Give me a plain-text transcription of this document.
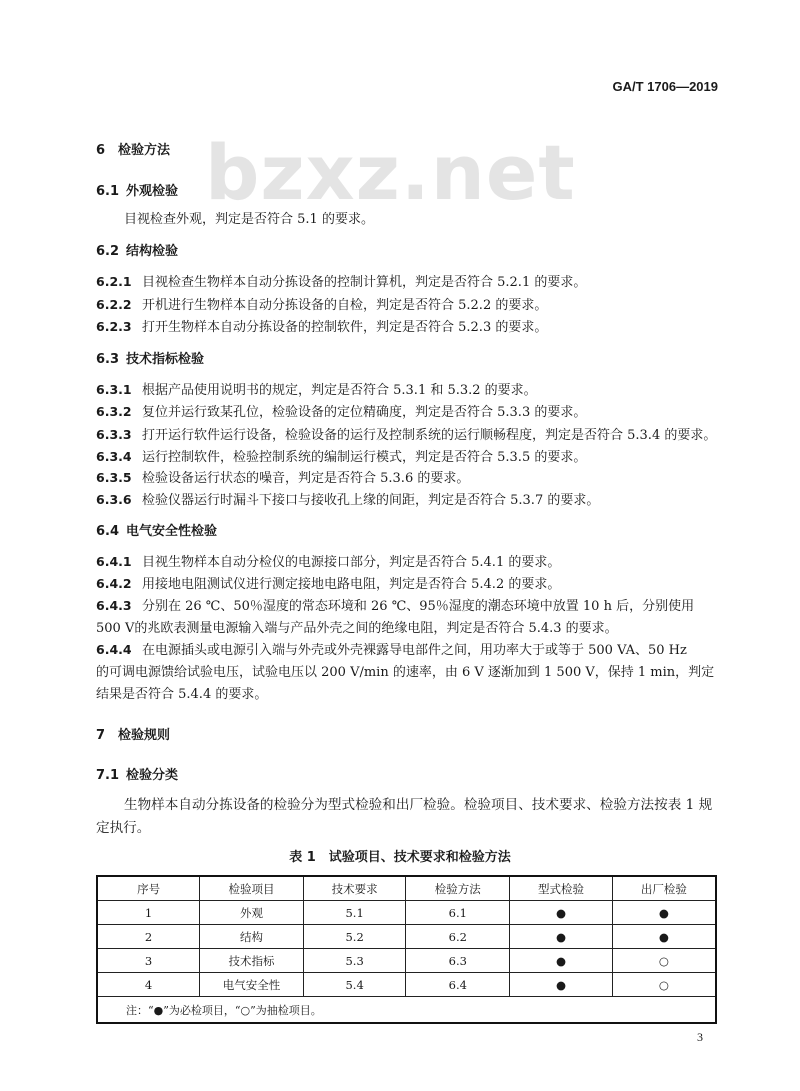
GA/T 1706—2019
bzxz.net
6 检验方法
6.1 外观检验
目视检查外观，判定是否符合 5.1 的要求。
6.2 结构检验
6.2.1 目视检查生物样本自动分拣设备的控制计算机，判定是否符合 5.2.1 的要求。
6.2.2 开机进行生物样本自动分拣设备的自检，判定是否符合 5.2.2 的要求。
6.2.3 打开生物样本自动分拣设备的控制软件，判定是否符合 5.2.3 的要求。
6.3 技术指标检验
6.3.1 根据产品使用说明书的规定，判定是否符合 5.3.1 和 5.3.2 的要求。
6.3.2 复位并运行致某孔位，检验设备的定位精确度，判定是否符合 5.3.3 的要求。
6.3.3 打开运行软件运行设备，检验设备的运行及控制系统的运行顺畅程度，判定是否符合 5.3.4 的要求。
6.3.4 运行控制软件，检验控制系统的编制运行模式，判定是否符合 5.3.5 的要求。
6.3.5 检验设备运行状态的噪音，判定是否符合 5.3.6 的要求。
6.3.6 检验仪器运行时漏斗下接口与接收孔上缘的间距，判定是否符合 5.3.7 的要求。
6.4 电气安全性检验
6.4.1 目视生物样本自动分检仪的电源接口部分，判定是否符合 5.4.1 的要求。
6.4.2 用接地电阻测试仪进行测定接地电路电阻，判定是否符合 5.4.2 的要求。
6.4.3 分别在 26 ℃、50％湿度的常态环境和 26 ℃、95％湿度的潮态环境中放置 10 h 后，分别使用
500 V的兆欧表测量电源输入端与产品外壳之间的绝缘电阻，判定是否符合 5.4.3 的要求。
6.4.4 在电源插头或电源引入端与外壳或外壳裸露导电部件之间，用功率大于或等于 500 VA、50 Hz
的可调电源馈给试验电压，试验电压以 200 V/min 的速率，由 6 V 逐渐加到 1 500 V，保持 1 min，判定
结果是否符合 5.4.4 的要求。
7 检验规则
7.1 检验分类
生物样本自动分拣设备的检验分为型式检验和出厂检验。检验项目、技术要求、检验方法按表 1 规
定执行。
表 1　试验项目、技术要求和检验方法
序号	检验项目	技术要求	检验方法	型式检验	出厂检验
1	外观	5.1	6.1	●	●
2	结构	5.2	6.2	●	●
3	技术指标	5.3	6.3	●	○
4	电气安全性	5.4	6.4	●	○
注：“●”为必检项目，“○”为抽检项目。					
3
